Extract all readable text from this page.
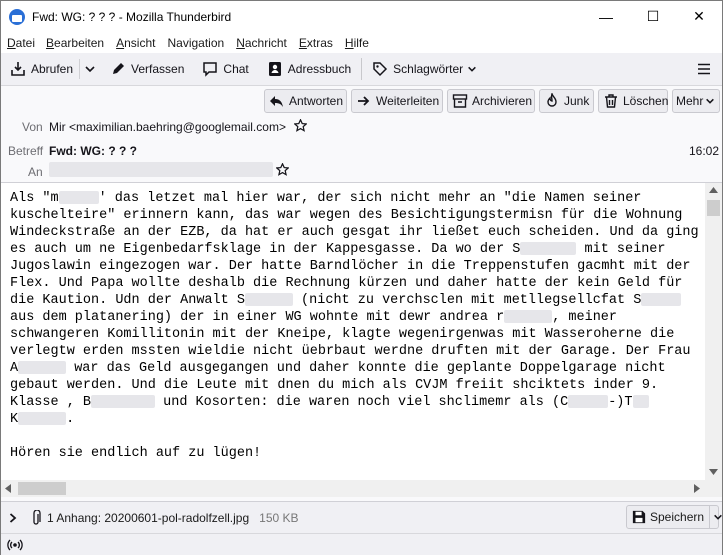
Fwd: WG: ? ? ? - Mozilla Thunderbird	—	☐	✕
Datei Bearbeiten Ansicht Navigation Nachricht Extras Hilfe
Abrufen	Verfassen	Chat	Adressbuch	Schlagwörter
Antworten	Weiterleiten	Archivieren	Junk	Löschen Mehr
Von Mir <maximilian.baehring@googlemail.com>
Betreff Fwd: WG: ? ? ?	16:02
An
Als "m	' das letzet mal hier war, der sich nicht mehr an "die Namen seiner
kuschelteire" erinnern kann, das war wegen des Besichtigungstermisn für die Wohnung
Windeckstraße an der EZB, da hat er auch gesgat ihr ließet euch scheiden. Und da ging
es auch um ne Eigenbedarfsklage in der Kappesgasse. Da wo der S	mit seiner
Jugoslawin eingezogen war. Der hatte Barndlöcher in die Treppenstufen gacmht mit der
Flex. Und Papa wollte deshalb die Rechnung kürzen und daher hatte der kein Geld für
die Kaution. Udn der Anwalt S	(nicht zu verchsclen mit metllegsellcfat S
aus dem platanering) der in einer WG wohnte mit dewr andrea r	, meiner
schwangeren Komillitonin mit der Kneipe, klagte wegenirgenwas mit Wasseroherne die
verlegtw erden mssten wieldie nicht üebrbaut werdne druften mit der Garage. Der Frau
A	war das Geld ausgegangen und daher konnte die geplante Doppelgarage nicht
gebaut werden. Und die Leute mit dnen du mich als CVJM freiit shciktets inder 9.
Klasse , B	und Kosorten: die waren noch viel shclimemr als (C	-)T
K	.

Hören sie endlich auf zu lügen!
1 Anhang: 20200601-pol-radolfzell.jpg 150 KB	Speichern
